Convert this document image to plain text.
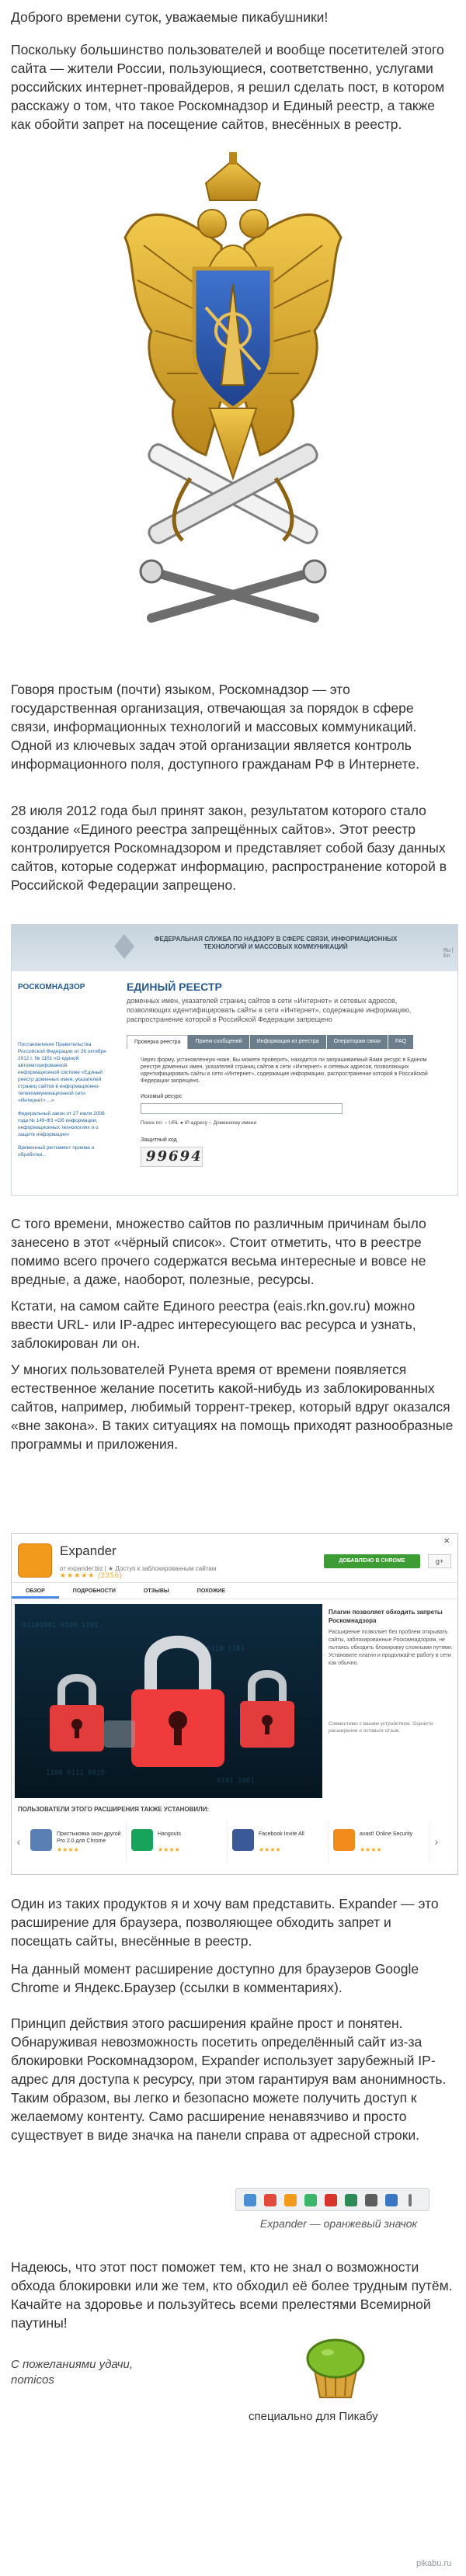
Доброго времени суток, уважаемые пикабушники!
Поскольку большинство пользователей и вообще посетителей этого сайта — жители России, пользующиеся, соответственно, услугами российских интернет-провайдеров, я решил сделать пост, в котором расскажу о том, что такое Роскомнадзор и Единый реестр, а также как обойти запрет на посещение сайтов, внесённых в реестр.
Говоря простым (почти) языком, Роскомнадзор — это государственная организация, отвечающая за порядок в сфере связи, информационных технологий и массовых коммуникаций. Одной из ключевых задач этой организации является контроль информационного поля, доступного гражданам РФ в Интернете.
28 июля 2012 года был принят закон, результатом которого стало создание «Единого реестра запрещённых сайтов». Этот реестр контролируется Роскомнадзором и представляет собой базу данных сайтов, которые содержат информацию, распространение которой в Российской Федерации запрещено.
ФЕДЕРАЛЬНАЯ СЛУЖБА ПО НАДЗОРУ В СФЕРЕ СВЯЗИ, ИНФОРМАЦИОННЫХ ТЕХНОЛОГИЙ И МАССОВЫХ КОММУНИКАЦИЙ
Ru | En
РОСКОМНАДЗОР	ЕДИНЫЙ РЕЕСТР
доменных имен, указателей страниц сайтов в сети «Интернет» и сетевых адресов, позволяющих идентифицировать сайты в сети «Интернет», содержащие информацию, распространение которой в Российской Федерации запрещено
Проверка реестра	Прием сообщений	Информация из реестра	Операторам связи	FAQ

Постановление Правительства Российской Федерации от 26 октября 2012 г. № 1101 «О единой автоматизированной информационной системе «Единый реестр доменных имен, указателей страниц сайтов в информационно-телекоммуникационной сети «Интернет» ...»

Федеральный закон от 27 июля 2006 года № 149-ФЗ «Об информации, информационных технологиях и о защите информации»

Временный регламент приема и обработки...

Через форму, установленную ниже, Вы можете проверить, находится ли запрашиваемый Вами ресурс в Едином реестре доменных имен, указателей страниц сайтов в сети «Интернет» и сетевых адресов, позволяющих идентифицировать сайты в сети «Интернет», содержащие информацию, распространение которой в Российской Федерации запрещено.
Искомый ресурс
Поиск по: ○ URL ● IP-адресу ○ Доменному имени
Защитный код
99694
С того времени, множество сайтов по различным причинам было занесено в этот «чёрный список». Стоит отметить, что в реестре помимо всего прочего содержатся весьма интересные и вовсе не вредные, а даже, наоборот, полезные, ресурсы.
Кстати, на самом сайте Единого реестра (eais.rkn.gov.ru) можно ввести URL- или IP-адрес интересующего вас ресурса и узнать, заблокирован ли он.
У многих пользователей Рунета время от времени появляется естественное желание посетить какой-нибудь из заблокированных сайтов, например, любимый торрент-трекер, который вдруг оказался «вне закона». В таких ситуациях на помощь приходят разнообразные программы и приложения.
Expander
от expander.biz | ★ Доступ к заблокированным сайтам
★★★★★ (2356)
ДОБАВЛЕНО В CHROME	g+
✕
ОБЗОР	ПОДРОБНОСТИ	ОТЗЫВЫ	ПОХОЖИЕ
01101001 0100 1101
1010 0110 1101
1100 0111 0010
0101 1001
Плагин позволяет обходить запреты Роскомнадзора
Расширение позволяет без проблем открывать сайты, заблокированные Роскомнадзором, не пытаясь обходить блокировку сложными путями. Установите плагин и продолжайте работу в сети как обычно.
Совместимо с вашим устройством. Оцените расширение и оставьте отзыв.
ПОЛЬЗОВАТЕЛИ ЭТОГО РАСШИРЕНИЯ ТАКЖЕ УСТАНОВИЛИ:
‹
Пристыковкa окон другой Pro 2.0 для Chrome
★★★★
Hangouts
★★★★
Facebook Invite All
★★★★
avast! Online Security
★★★★
›
Один из таких продуктов я и хочу вам представить. Expander — это расширение для браузера, позволяющее обходить запрет и посещать сайты, внесённые в реестр.
На данный момент расширение доступно для браузеров Google Chrome и Яндекс.Браузер (ссылки в комментариях).
Принцип действия этого расширения крайне прост и понятен. Обнаруживая невозможность посетить определённый сайт из-за блокировки Роскомнадзором, Expander использует зарубежный IP-адрес для доступа к ресурсу, при этом гарантируя вам анонимность. Таким образом, вы легко и безопасно можете получить доступ к желаемому контенту. Само расширение ненавязчиво и просто существует в виде значка на панели справа от адресной строки.
Expander — оранжевый значок
Надеюсь, что этот пост поможет тем, кто не знал о возможности обхода блокировки или же тем, кто обходил её более трудным путём. Качайте на здоровье и пользуйтесь всеми прелестями Всемирной паутины!
С пожеланиями удачи,
nomicos
специально для Пикабу
pikabu.ru
